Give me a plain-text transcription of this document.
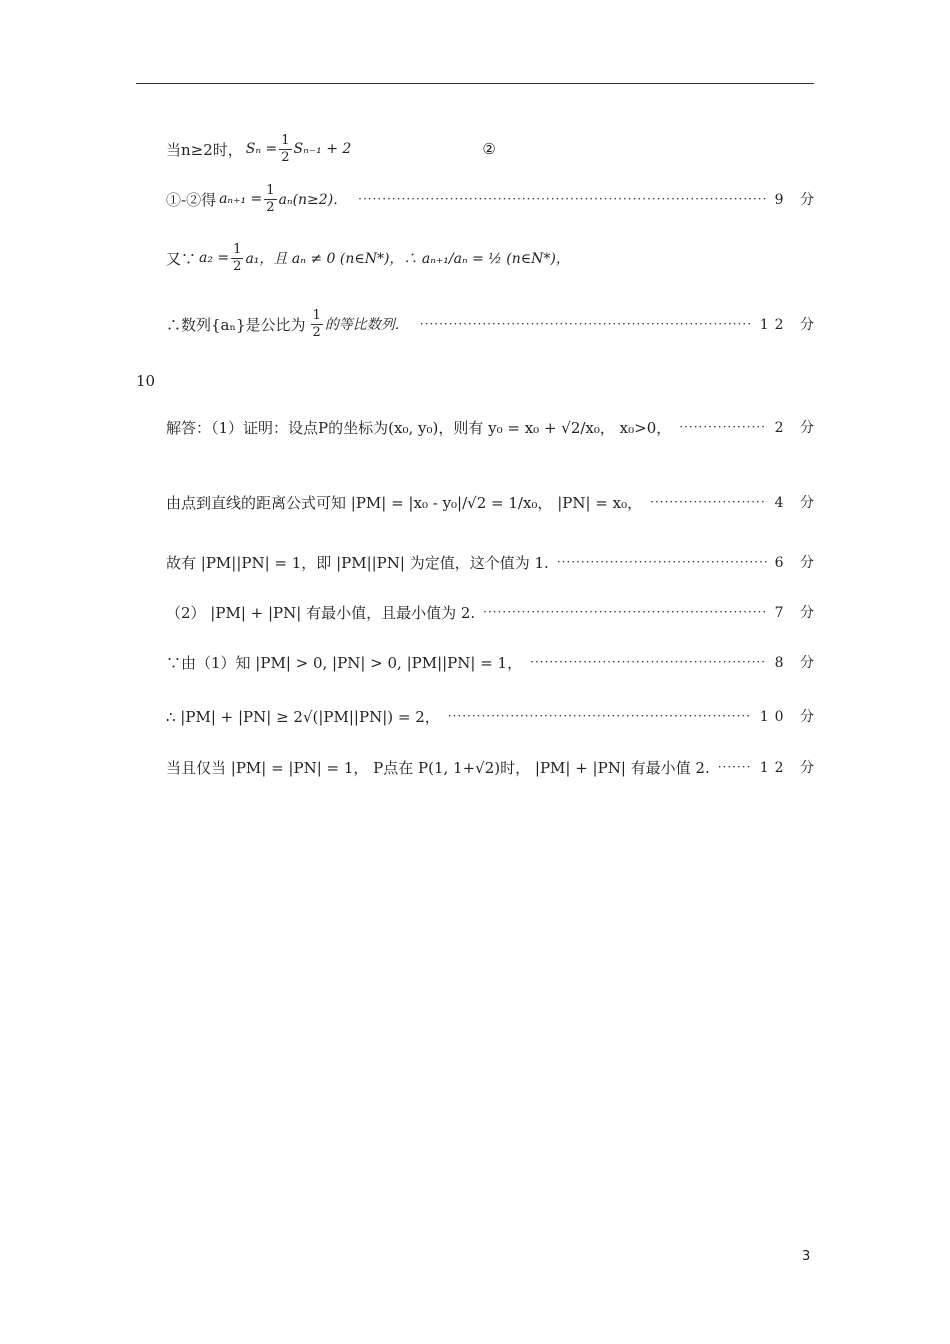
当n≥2时， $S_n = \frac{1}{2} S_{n-1} + 2$	②
①-②得 $a_{n+1} = \frac{1}{2} a_n(n\ge 2)$． ·····	9 分
又∵ $a_2 = \frac{1}{2} a_1$，且 aₙ ≠ 0 (n∈N*)，∴ aₙ₊₁/aₙ = ½ (n∈N*)，
∴数列{aₙ}是公比为 $\frac{1}{2}$ 的等比数列． ·····	12 分
10
解答：（1）证明：设点P的坐标为(x₀, y₀)，则有 y₀ = x₀ + √2/x₀， x₀>0， ·····	2 分
由点到直线的距离公式可知 |PM| = |x₀ - y₀|/√2 = 1/x₀， |PN| = x₀， ·····	4 分
故有 |PM||PN| = 1，即 |PM||PN| 为定值，这个值为 1. ·····	6 分
（2） |PM| + |PN| 有最小值，且最小值为 2. ·····	7 分
∵由（1）知 |PM| > 0, |PN| > 0, |PM||PN| = 1， ·····	8 分
∴ |PM| + |PN| ≥ 2√(|PM||PN|) = 2， ·····	10 分
当且仅当 |PM| = |PN| = 1， P点在 P(1, 1+√2)时， |PM| + |PN| 有最小值 2. ·····	12 分
3
